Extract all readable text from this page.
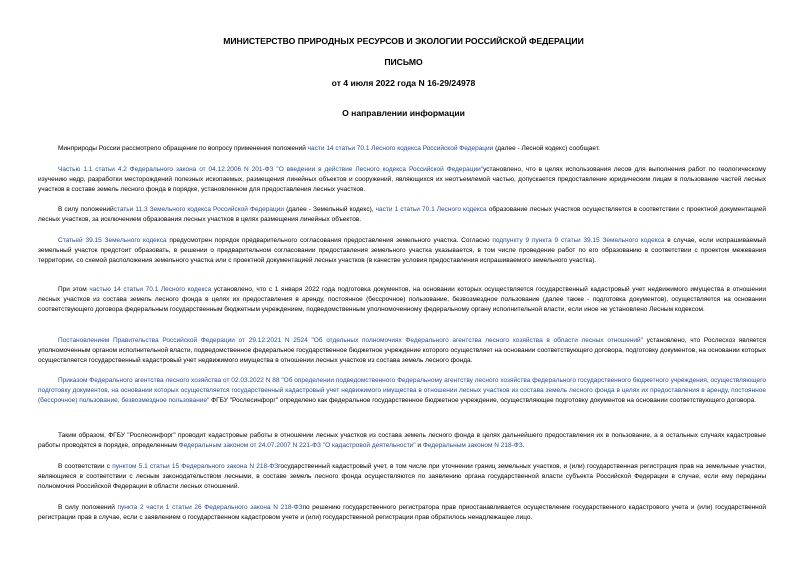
МИНИСТЕРСТВО ПРИРОДНЫХ РЕСУРСОВ И ЭКОЛОГИИ РОССИЙСКОЙ ФЕДЕРАЦИИ

ПИСЬМО

от 4 июля 2022 года N 16-29/24978

О направлении информации

Минприроды России рассмотрело обращение по вопросу применения положений части 14 статьи 70.1 Лесного кодекса Российской Федерации (далее - Лесной кодекс) сообщает.

Частью 1.1 статьи 4.2 Федерального закона от 04.12.2006 N 201-ФЗ "О введении в действие Лесного кодекса Российской Федерации"установлено, что в целях использования лесов для выполнения работ по геологическому изучению недр, разработки месторождений полезных ископаемых, размещения линейных объектов и сооружений, являющихся их неотъемлемой частью, допускается предоставление юридическим лицам в пользование частей лесных участков в составе земель лесного фонда в порядке, установленном для предоставления лесных участков.

В силу положенийстатьи 11.3 Земельного кодекса Российской Федерации (далее - Земельный кодекс), части 1 статьи 70.1 Лесного кодекса образование лесных участков осуществляется в соответствии с проектной документацией лесных участков, за исключением образования лесных участков в целях размещения линейных объектов.

Статьей 39.15 Земельного кодекса предусмотрен порядок предварительного согласования предоставления земельного участка. Согласно подпункту 9 пункта 9 статьи 39.15 Земельного кодекса в случае, если испрашиваемый земельный участок предстоит образовать, в решении о предварительном согласовании предоставления земельного участка указывается, в том числе проведение работ по его образованию в соответствии с проектом межевания территории, со схемой расположения земельного участка или с проектной документацией лесных участков (в качестве условия предоставления испрашиваемого земельного участка).

При этом частью 14 статьи 70.1 Лесного кодекса установлено, что с 1 января 2022 года подготовка документов, на основании которых осуществляется государственный кадастровый учет недвижимого имущества в отношении лесных участков из состава земель лесного фонда в целях их предоставления в аренду, постоянное (бессрочное) пользование, безвозмездное пользование (далее также - подготовка документов), осуществляется на основании соответствующего договора федеральным государственным бюджетным учреждением, подведомственным уполномоченному федеральному органу исполнительной власти, если иное не установлено Лесным кодексом.

Постановлением Правительства Российской Федерации от 29.12.2021 N 2524 "Об отдельных полномочиях Федерального агентства лесного хозяйства в области лесных отношений" установлено, что Рослесхоз является уполномоченным органом исполнительной власти, подведомственное федеральное государственное бюджетное учреждение которого осуществляет на основании соответствующего договора, подготовку документов, на основании которых осуществляется государственный кадастровый учет недвижимого имущества в отношении лесных участков из состава земель лесного фонда.

Приказом Федерального агентства лесного хозяйства от 02.03.2022 N 88 "Об определении подведомственного Федеральному агентству лесного хозяйства федерального государственного бюджетного учреждения, осуществляющего подготовку документов, на основании которых осуществляется государственный кадастровый учет недвижимого имущества в отношении лесных участков из состава земель лесного фонда в целях их предоставления в аренду, постоянное (бессрочное) пользование, безвозмездное пользование" ФГБУ "Рослесинфорг" определено как федеральное государственное бюджетное учреждение, осуществляющее подготовку документов на основании соответствующего договора.

Таким образом, ФГБУ "Рослесинфорг" проводит кадастровые работы в отношении лесных участков из состава земель лесного фонда в целях дальнейшего предоставления их в пользование, а в остальных случаях кадастровые работы проводятся в порядке, определенным Федеральным законом от 24.07.2007 N 221-ФЗ "О кадастровой деятельности" и Федеральным законом N 218-ФЗ.

В соответствии с пунктом 5.1 статьи 15 Федерального закона N 218-ФЗгосударственный кадастровый учет, в том числе при уточнении границ земельных участков, и (или) государственная регистрация прав на земельные участки, являющиеся в соответствии с лесным законодательством лесными, в составе земель лесного фонда осуществляются по заявлению органа государственной власти субъекта Российской Федерации в случае, если ему переданы полномочия Российской Федерации в области лесных отношений.

В силу положений пункта 2 части 1 статьи 26 Федерального закона N 218-ФЗпо решению государственного регистратора прав приостанавливается осуществление государственного кадастрового учета и (или) государственной регистрации прав в случае, если с заявлением о государственном кадастровом учете и (или) государственной регистрации прав обратилось ненадлежащее лицо.
